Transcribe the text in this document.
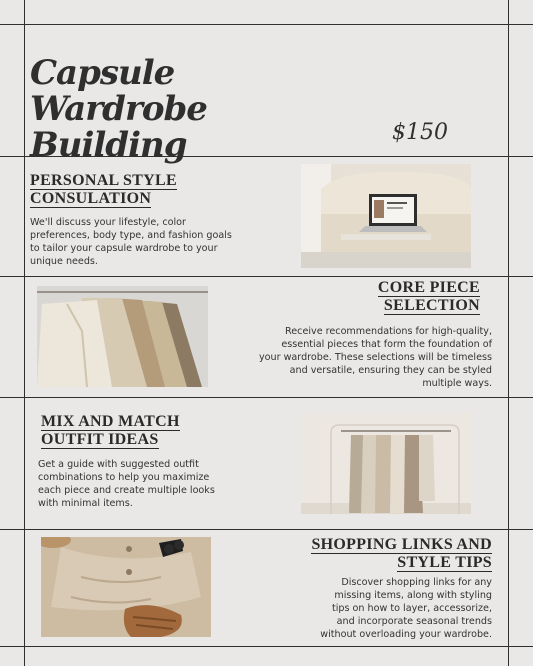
Capsule Wardrobe Building	$150
PERSONAL STYLE
CONSULATION

We'll discuss your lifestyle, color preferences, body type, and fashion goals to tailor your capsule wardrobe to your unique needs.

CORE PIECE
SELECTION

Receive recommendations for high-quality, essential pieces that form the foundation of your wardrobe. These selections will be timeless and versatile, ensuring they can be styled multiple ways.

MIX AND MATCH
OUTFIT IDEAS

Get a guide with suggested outfit combinations to help you maximize each piece and create multiple looks with minimal items.

SHOPPING LINKS AND
STYLE TIPS

Discover shopping links for any missing items, along with styling tips on how to layer, accessorize, and incorporate seasonal trends without overloading your wardrobe.
